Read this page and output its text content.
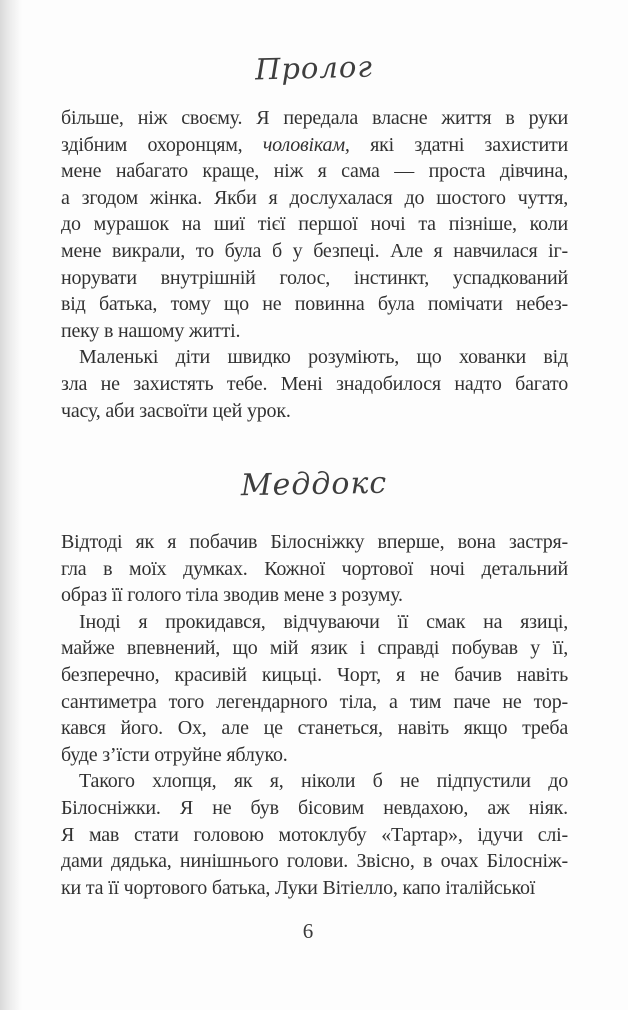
Пролог
більше, ніж своєму. Я передала власне життя в руки
здібним охоронцям, чоловікам, які здатні захистити
мене набагато краще, ніж я сама — проста дівчина,
а згодом жінка. Якби я дослухалася до шостого чуття,
до мурашок на шиї тієї першої ночі та пізніше, коли
мене викрали, то була б у безпеці. Але я навчилася іг-
норувати внутрішній голос, інстинкт, успадкований
від батька, тому що не повинна була помічати небез-
пеку в нашому житті.
Маленькі діти швидко розуміють, що хованки від
зла не захистять тебе. Мені знадобилося надто багато
часу, аби засвоїти цей урок.
Меддокс
Відтоді як я побачив Білосніжку вперше, вона застря-
гла в моїх думках. Кожної чортової ночі детальний
образ її голого тіла зводив мене з розуму.
Іноді я прокидався, відчуваючи її смак на язиці,
майже впевнений, що мій язик і справді побував у її,
безперечно, красивій кицьці. Чорт, я не бачив навіть
сантиметра того легендарного тіла, а тим паче не тор-
кався його. Ох, але це станеться, навіть якщо треба
буде з’їсти отруйне яблуко.
Такого хлопця, як я, ніколи б не підпустили до
Білосніжки. Я не був бісовим невдахою, аж ніяк.
Я мав стати головою мотоклубу «Тартар», ідучи слі-
дами дядька, нинішнього голови. Звісно, в очах Білосніж-
ки та її чортового батька, Луки Вітіелло, капо італійської
6
